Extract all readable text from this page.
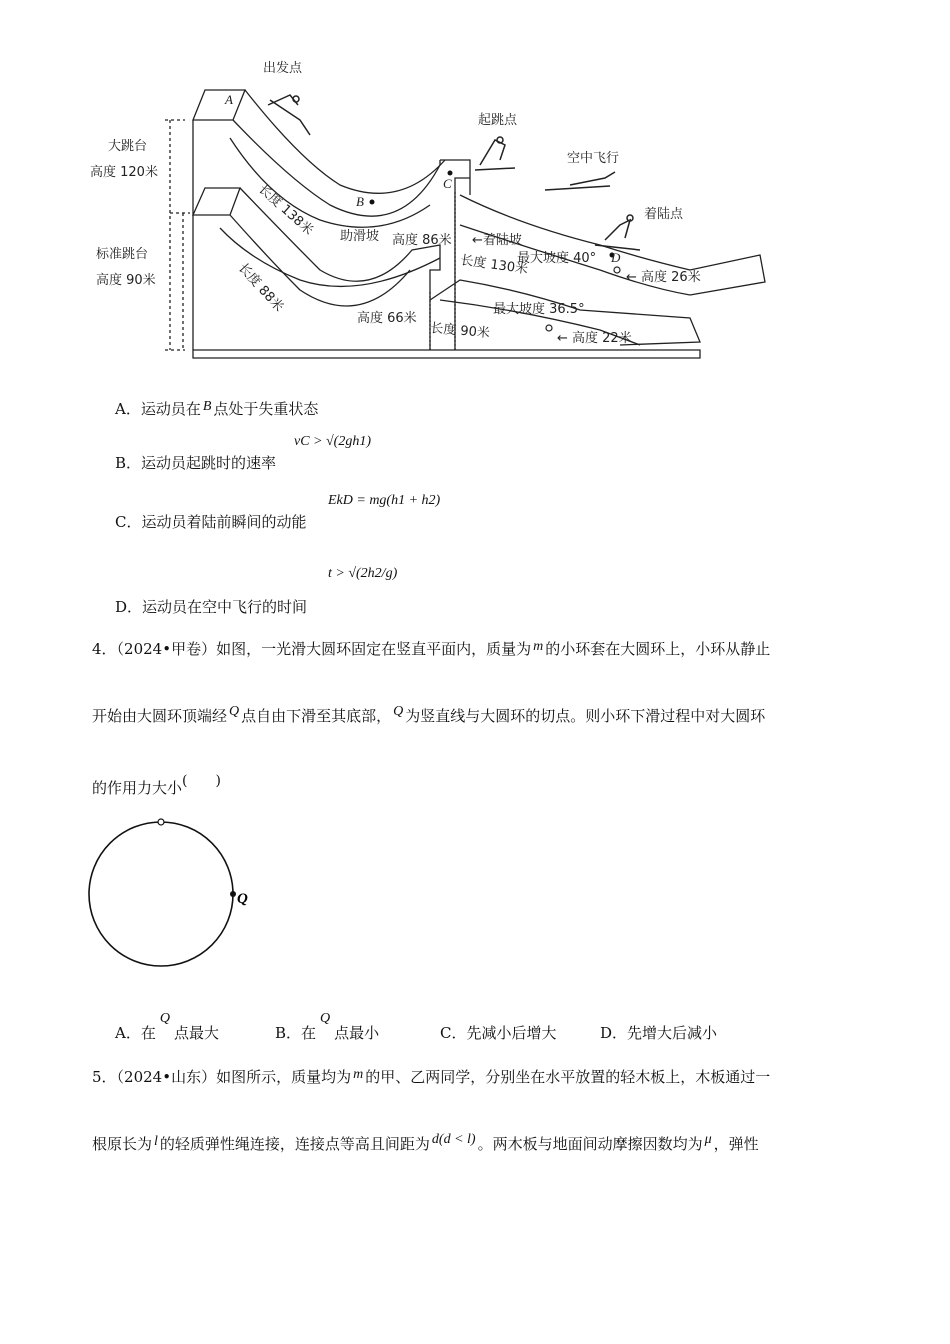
出发点
起跳点
空中飞行
着陆点
大跳台
高度 120米
标准跳台
高度 90米
A
B
C
D
助滑坡	←着陆坡
长度 138米
长度 88米
高度 86米
高度 66米
长度 130米
长度 90米
最大坡度 40°
最大坡度 36.5°
← 高度 26米
← 高度 22米
A．运动员在 B 点处于失重状态
B．运动员起跳时的速率
vC > √(2gh1)
C．运动员着陆前瞬间的动能
EkD = mg(h1 + h2)
D．运动员在空中飞行的时间
t > √(2h2/g)
4．（2024•甲卷）如图，一光滑大圆环固定在竖直平面内，质量为 m 的小环套在大圆环上，小环从静止
开始由大圆环顶端经 Q 点自由下滑至其底部， Q 为竖直线与大圆环的切点。则小环下滑过程中对大圆环
的作用力大小(　　)
Q
A．在Q点最大	B．在Q点最小	C．先减小后增大	D．先增大后减小
5．（2024•山东）如图所示，质量均为 m 的甲、乙两同学，分别坐在水平放置的轻木板上，木板通过一
根原长为 l 的轻质弹性绳连接，连接点等高且间距为 d(d < l) 。两木板与地面间动摩擦因数均为 μ ，弹性
